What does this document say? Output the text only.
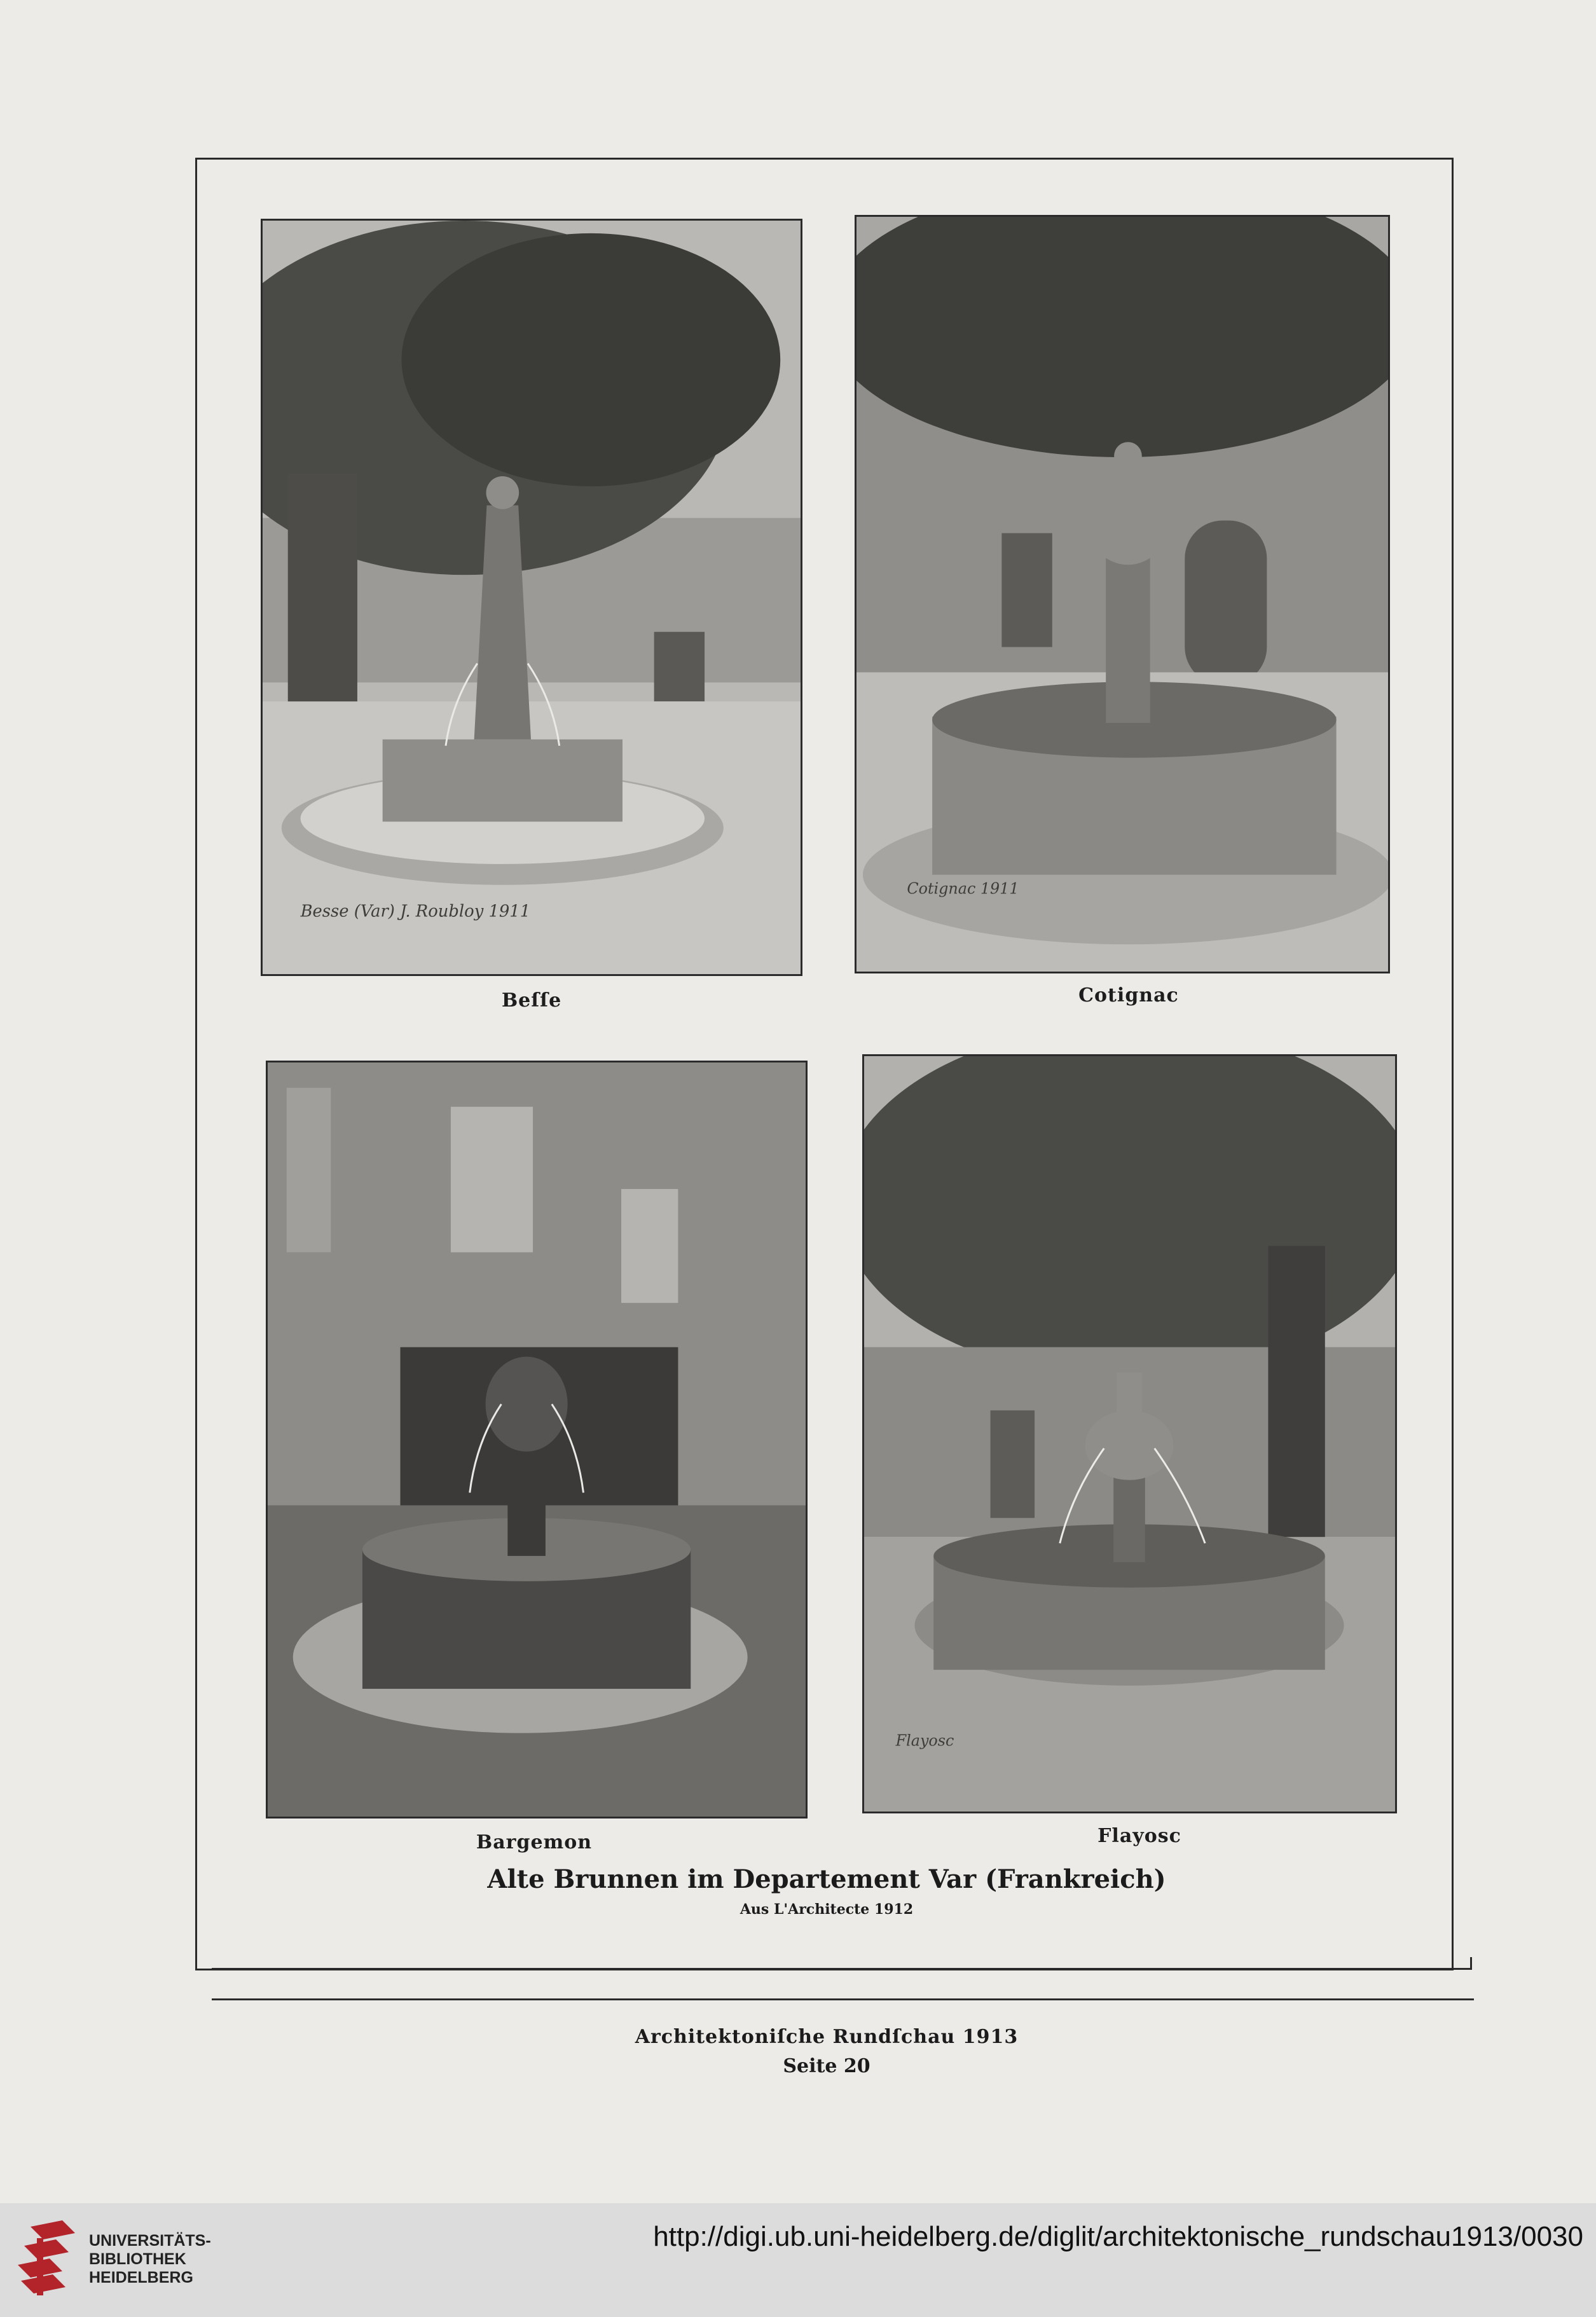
Besse (Var) J. Roubloy 1911
Beſſe
Cotignac 1911
Cotignac
Bargemon
Flayosc
Flayosc
Alte Brunnen im Departement Var (Frankreich)
Aus L'Architecte 1912
Architektoniſche Rundſchau 1913
Seite 20
UNIVERSITÄTS-
BIBLIOTHEK
HEIDELBERG
http://digi.ub.uni-heidelberg.de/diglit/architektonische_rundschau1913/0030
